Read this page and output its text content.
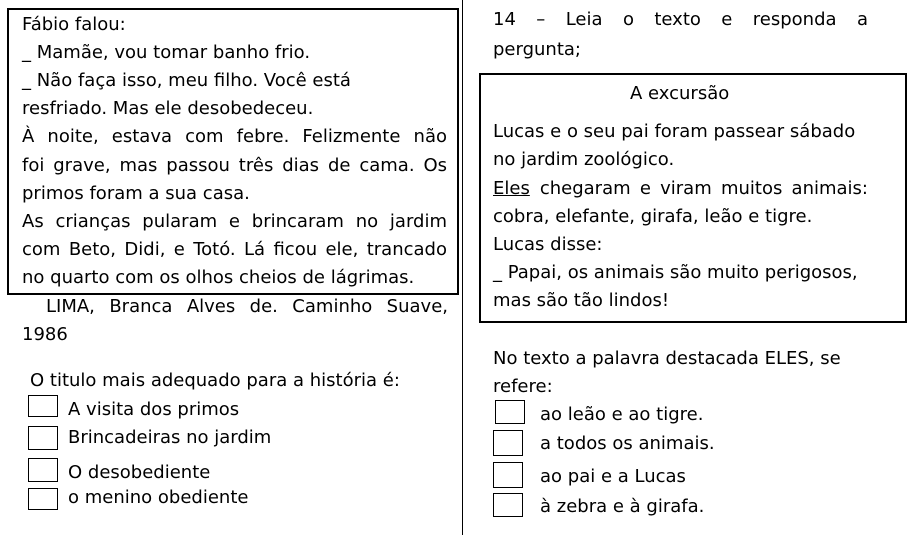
Fábio falou:
_ Mamãe, vou tomar banho frio.
_ Não faça isso, meu filho. Você está
resfriado. Mas ele desobedeceu.
À noite, estava com febre. Felizmente não
foi grave, mas passou três dias de cama. Os
primos foram a sua casa.
As crianças pularam e brincaram no jardim
com Beto, Didi, e Totó. Lá ficou ele, trancado
no quarto com os olhos cheios de lágrimas.
LIMA, Branca Alves de. Caminho Suave,
1986
O titulo mais adequado para a história é:
A visita dos primos
Brincadeiras no jardim
O desobediente
o menino obediente
14 – Leia o texto e responda a
pergunta;
A excursão
Lucas e o seu pai foram passear sábado
no jardim zoológico.
Eles chegaram e viram muitos animais:
cobra, elefante, girafa, leão e tigre.
Lucas disse:
_ Papai, os animais são muito perigosos,
mas são tão lindos!
No texto a palavra destacada ELES, se
refere:
ao leão e ao tigre.
a todos os animais.
ao pai e a Lucas
à zebra e à girafa.
